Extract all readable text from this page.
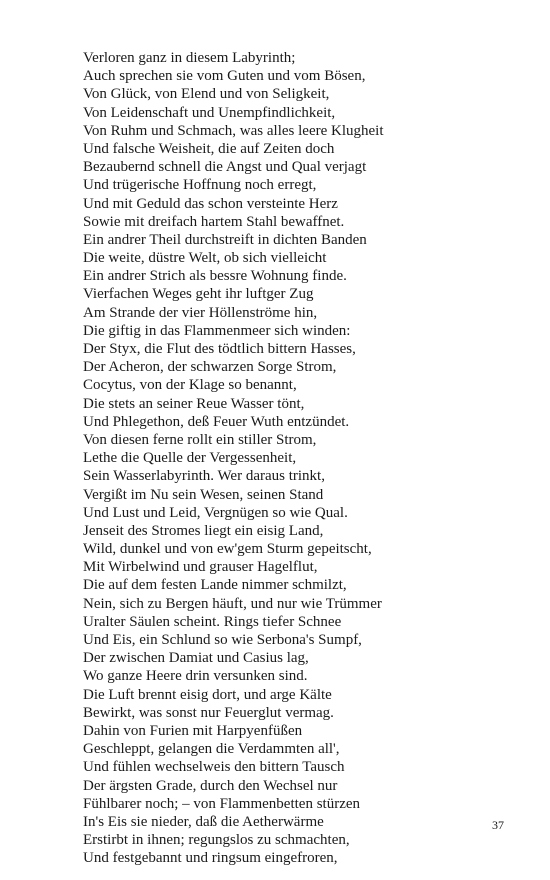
Verloren ganz in diesem Labyrinth;
Auch sprechen sie vom Guten und vom Bösen,
Von Glück, von Elend und von Seligkeit,
Von Leidenschaft und Unempfindlichkeit,
Von Ruhm und Schmach, was alles leere Klugheit
Und falsche Weisheit, die auf Zeiten doch
Bezaubernd schnell die Angst und Qual verjagt
Und trügerische Hoffnung noch erregt,
Und mit Geduld das schon versteinte Herz
Sowie mit dreifach hartem Stahl bewaffnet.
Ein andrer Theil durchstreift in dichten Banden
Die weite, düstre Welt, ob sich vielleicht
Ein andrer Strich als bessre Wohnung finde.
Vierfachen Weges geht ihr luftger Zug
Am Strande der vier Höllenströme hin,
Die giftig in das Flammenmeer sich winden:
Der Styx, die Flut des tödtlich bittern Hasses,
Der Acheron, der schwarzen Sorge Strom,
Cocytus, von der Klage so benannt,
Die stets an seiner Reue Wasser tönt,
Und Phlegethon, deß Feuer Wuth entzündet.
Von diesen ferne rollt ein stiller Strom,
Lethe die Quelle der Vergessenheit,
Sein Wasserlabyrinth. Wer daraus trinkt,
Vergißt im Nu sein Wesen, seinen Stand
Und Lust und Leid, Vergnügen so wie Qual.
Jenseit des Stromes liegt ein eisig Land,
Wild, dunkel und von ew'gem Sturm gepeitscht,
Mit Wirbelwind und grauser Hagelflut,
Die auf dem festen Lande nimmer schmilzt,
Nein, sich zu Bergen häuft, und nur wie Trümmer
Uralter Säulen scheint. Rings tiefer Schnee
Und Eis, ein Schlund so wie Serbona's Sumpf,
Der zwischen Damiat und Casius lag,
Wo ganze Heere drin versunken sind.
Die Luft brennt eisig dort, und arge Kälte
Bewirkt, was sonst nur Feuerglut vermag.
Dahin von Furien mit Harpyenfüßen
Geschleppt, gelangen die Verdammten all',
Und fühlen wechselweis den bittern Tausch
Der ärgsten Grade, durch den Wechsel nur
Fühlbarer noch; – von Flammenbetten stürzen
In's Eis sie nieder, daß die Aetherwärme
Erstirbt in ihnen; regungslos zu schmachten,
Und festgebannt und ringsum eingefroren,
37
